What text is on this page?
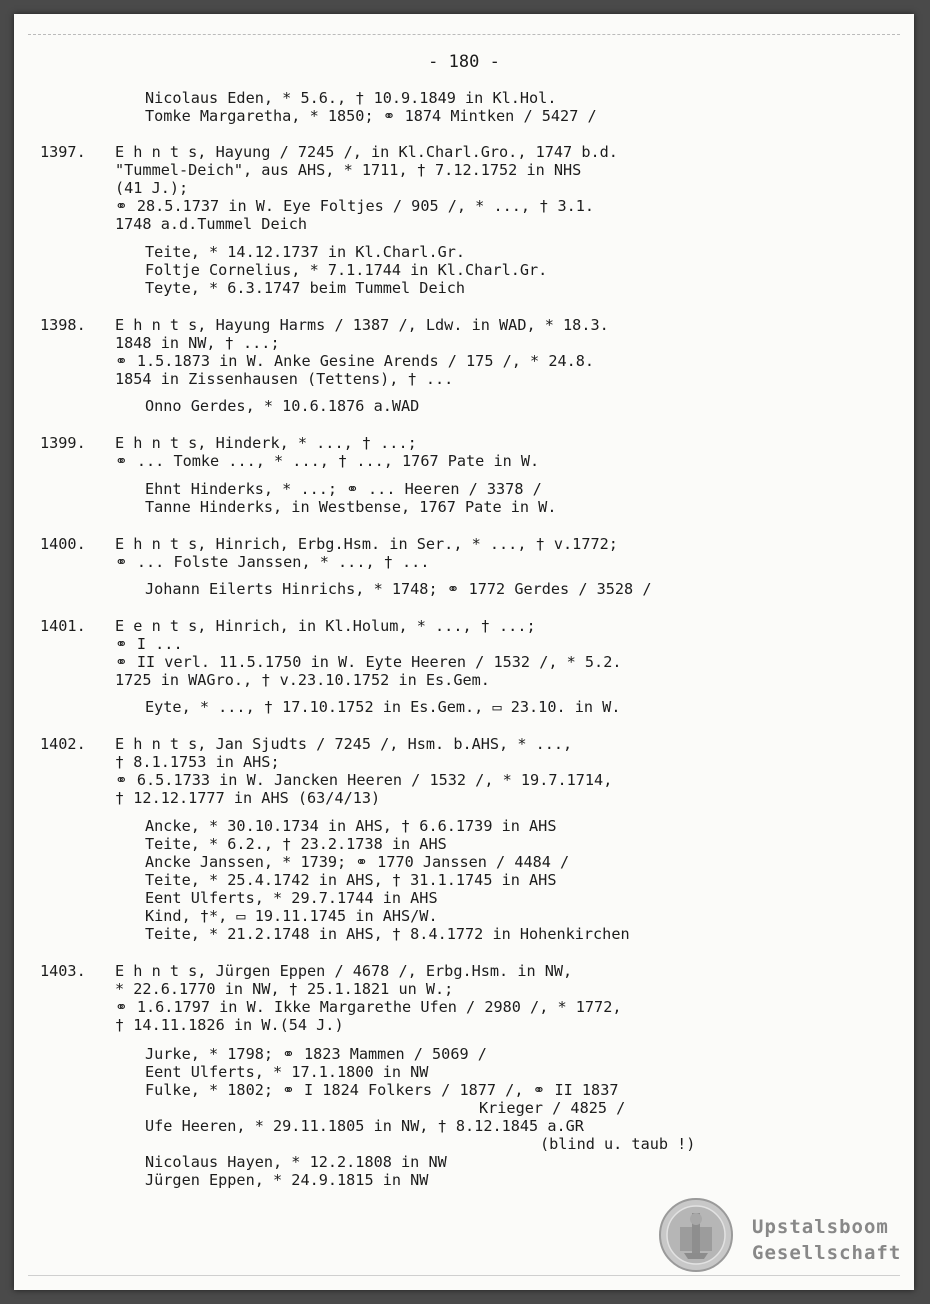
- 180 -
Nicolaus Eden, * 5.6., † 10.9.1849 in Kl.Hol.
Tomke Margaretha, * 1850; ⚭ 1874 Mintken / 5427 /
1397. E h n t s, Hayung / 7245 /, in Kl.Charl.Gro., 1747 b.d.
"Tummel-Deich", aus AHS, * 1711, † 7.12.1752 in NHS
(41 J.);
⚭ 28.5.1737 in W. Eye Foltjes / 905 /, * ..., † 3.1.
1748 a.d.Tummel Deich
Teite, * 14.12.1737 in Kl.Charl.Gr.
Foltje Cornelius, * 7.1.1744 in Kl.Charl.Gr.
Teyte, * 6.3.1747 beim Tummel Deich
1398. E h n t s, Hayung Harms / 1387 /, Ldw. in WAD, * 18.3.
1848 in NW, † ...;
⚭ 1.5.1873 in W. Anke Gesine Arends / 175 /, * 24.8.
1854 in Zissenhausen (Tettens), † ...
Onno Gerdes, * 10.6.1876 a.WAD
1399. E h n t s, Hinderk, * ..., † ...;
⚭ ... Tomke ..., * ..., † ..., 1767 Pate in W.
Ehnt Hinderks, * ...; ⚭ ... Heeren / 3378 /
Tanne Hinderks, in Westbense, 1767 Pate in W.
1400. E h n t s, Hinrich, Erbg.Hsm. in Ser., * ..., † v.1772;
⚭ ... Folste Janssen, * ..., † ...
Johann Eilerts Hinrichs, * 1748; ⚭ 1772 Gerdes / 3528 /
1401. E e n t s, Hinrich, in Kl.Holum, * ..., † ...;
⚭ I ...
⚭ II verl. 11.5.1750 in W. Eyte Heeren / 1532 /, * 5.2.
1725 in WAGro., † v.23.10.1752 in Es.Gem.
Eyte, * ..., † 17.10.1752 in Es.Gem., ▭ 23.10. in W.
1402. E h n t s, Jan Sjudts / 7245 /, Hsm. b.AHS, * ...,
† 8.1.1753 in AHS;
⚭ 6.5.1733 in W. Jancken Heeren / 1532 /, * 19.7.1714,
† 12.12.1777 in AHS (63/4/13)
Ancke, * 30.10.1734 in AHS, † 6.6.1739 in AHS
Teite, * 6.2., † 23.2.1738 in AHS
Ancke Janssen, * 1739; ⚭ 1770 Janssen / 4484 /
Teite, * 25.4.1742 in AHS, † 31.1.1745 in AHS
Eent Ulferts, * 29.7.1744 in AHS
Kind, †*, ▭ 19.11.1745 in AHS/W.
Teite, * 21.2.1748 in AHS, † 8.4.1772 in Hohenkirchen
1403. E h n t s, Jürgen Eppen / 4678 /, Erbg.Hsm. in NW,
* 22.6.1770 in NW, † 25.1.1821 un W.;
⚭ 1.6.1797 in W. Ikke Margarethe Ufen / 2980 /, * 1772,
† 14.11.1826 in W.(54 J.)
Jurke, * 1798; ⚭ 1823 Mammen / 5069 /
Eent Ulferts, * 17.1.1800 in NW
Fulke, * 1802; ⚭ I 1824 Folkers / 1877 /, ⚭ II 1837
Krieger / 4825 /
Ufe Heeren, * 29.11.1805 in NW, † 8.12.1845 a.GR
(blind u. taub !)
Nicolaus Hayen, * 12.2.1808 in NW
Jürgen Eppen, * 24.9.1815 in NW
Upstalsboom
Gesellschaft
